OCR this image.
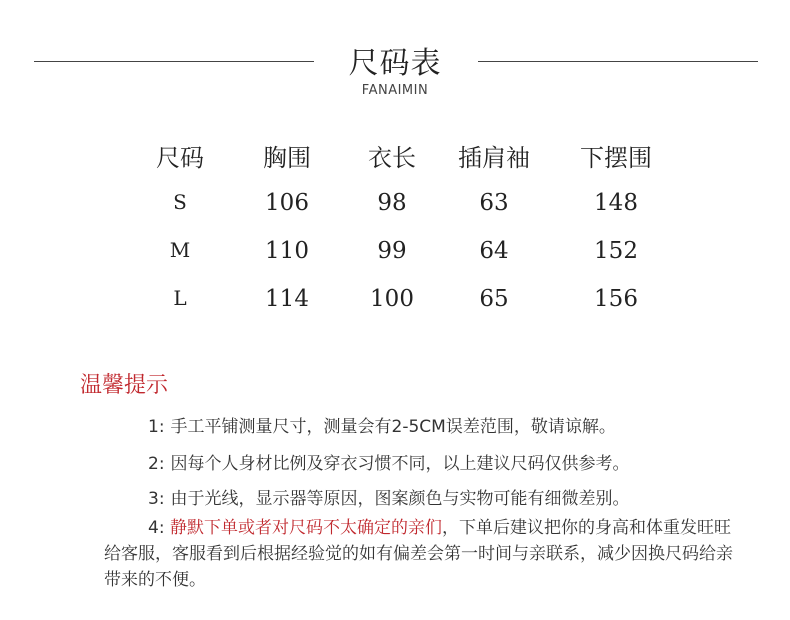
尺码表
FANAIMIN
尺码 胸围 衣长 插肩袖 下摆围
S	106	98	63	148
M	110	99	64	152
L	114	100	65	156
温馨提示
1: 手工平铺测量尺寸，测量会有2-5CM误差范围，敬请谅解。
2: 因每个人身材比例及穿衣习惯不同，以上建议尺码仅供参考。
3: 由于光线，显示器等原因，图案颜色与实物可能有细微差别。
4: 静默下单或者对尺码不太确定的亲们，下单后建议把你的身高和体重发旺旺给客服，客服看到后根据经验觉的如有偏差会第一时间与亲联系，减少因换尺码给亲带来的不便。
